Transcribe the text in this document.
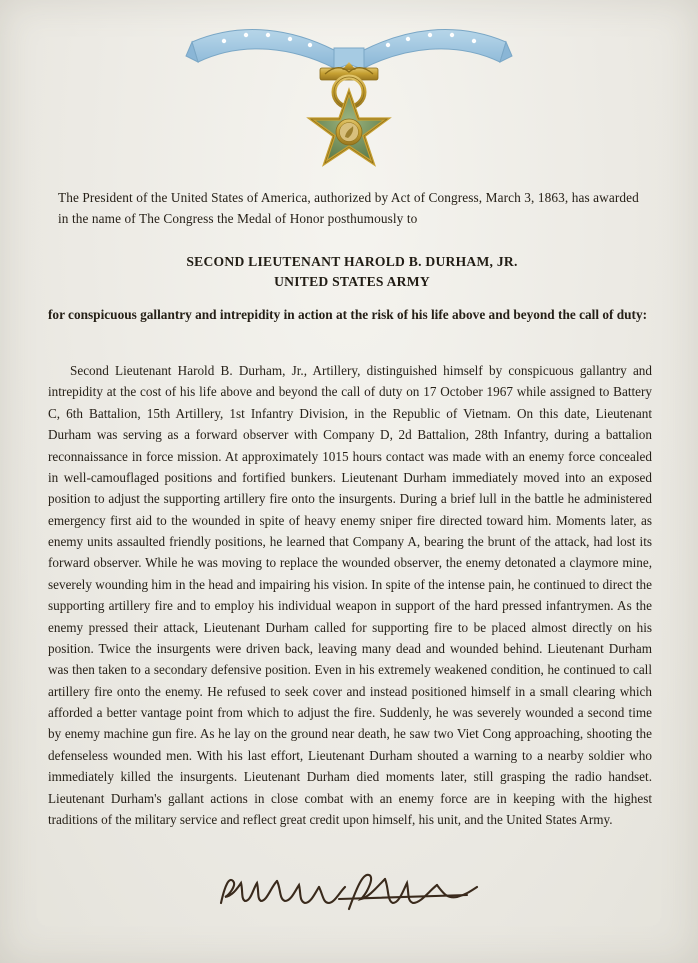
The President of the United States of America, authorized by Act of Congress, March 3, 1863, has awarded in the name of The Congress the Medal of Honor posthumously to
SECOND LIEUTENANT HAROLD B. DURHAM, JR.
UNITED STATES ARMY
for conspicuous gallantry and intrepidity in action at the risk of his life above and beyond the call of duty:
Second Lieutenant Harold B. Durham, Jr., Artillery, distinguished himself by conspicuous gallantry and intrepidity at the cost of his life above and beyond the call of duty on 17 October 1967 while assigned to Battery C, 6th Battalion, 15th Artillery, 1st Infantry Division, in the Republic of Vietnam. On this date, Lieutenant Durham was serving as a forward observer with Company D, 2d Battalion, 28th Infantry, during a battalion reconnaissance in force mission. At approximately 1015 hours contact was made with an enemy force concealed in well-camouflaged positions and fortified bunkers. Lieutenant Durham immediately moved into an exposed position to adjust the supporting artillery fire onto the insurgents. During a brief lull in the battle he administered emergency first aid to the wounded in spite of heavy enemy sniper fire directed toward him. Moments later, as enemy units assaulted friendly positions, he learned that Company A, bearing the brunt of the attack, had lost its forward observer. While he was moving to replace the wounded observer, the enemy detonated a claymore mine, severely wounding him in the head and impairing his vision. In spite of the intense pain, he continued to direct the supporting artillery fire and to employ his individual weapon in support of the hard pressed infantrymen. As the enemy pressed their attack, Lieutenant Durham called for supporting fire to be placed almost directly on his position. Twice the insurgents were driven back, leaving many dead and wounded behind. Lieutenant Durham was then taken to a secondary defensive position. Even in his extremely weakened condition, he continued to call artillery fire onto the enemy. He refused to seek cover and instead positioned himself in a small clearing which afforded a better vantage point from which to adjust the fire. Suddenly, he was severely wounded a second time by enemy machine gun fire. As he lay on the ground near death, he saw two Viet Cong approaching, shooting the defenseless wounded men. With his last effort, Lieutenant Durham shouted a warning to a nearby soldier who immediately killed the insurgents. Lieutenant Durham died moments later, still grasping the radio handset. Lieutenant Durham's gallant actions in close combat with an enemy force are in keeping with the highest traditions of the military service and reflect great credit upon himself, his unit, and the United States Army.
